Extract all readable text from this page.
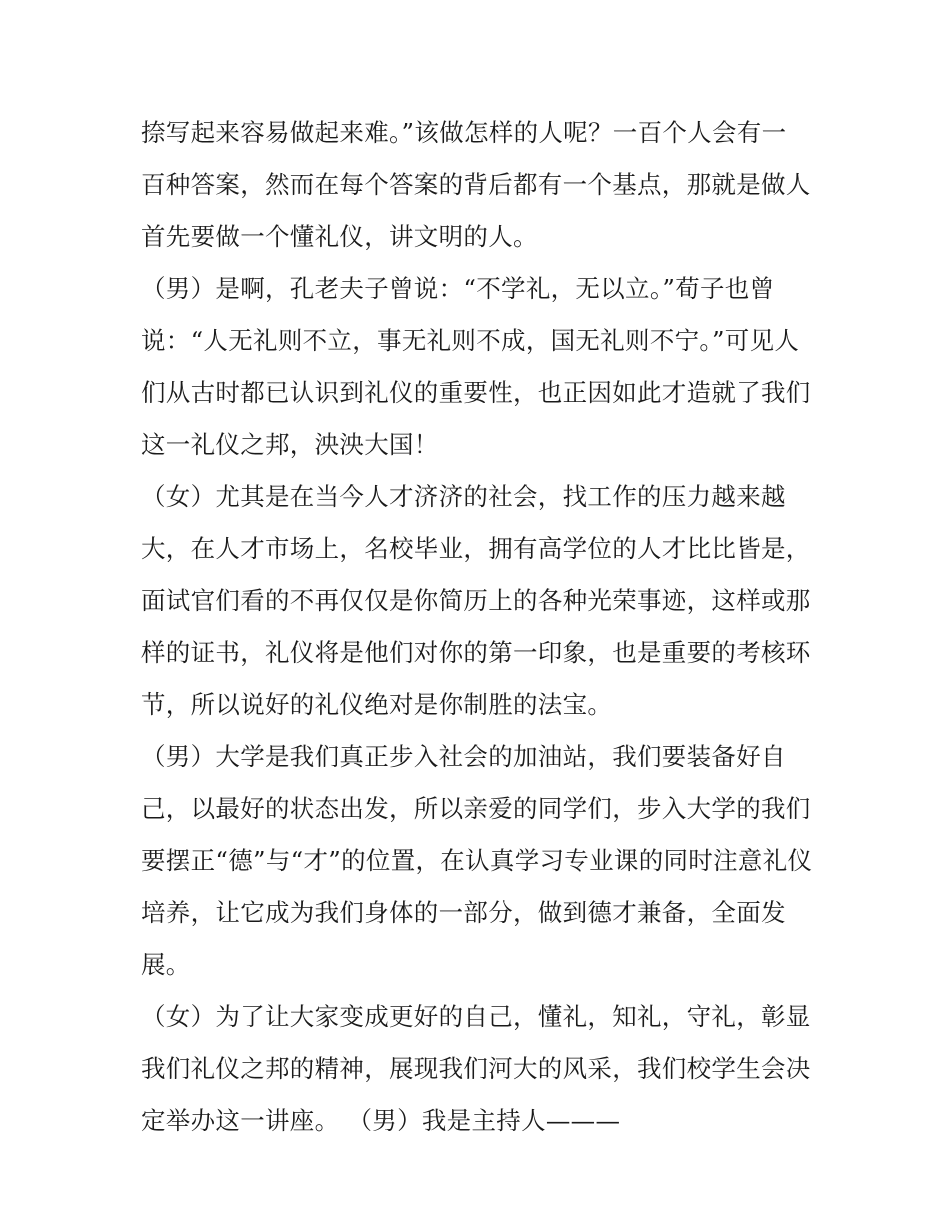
捺写起来容易做起来难。”该做怎样的人呢？一百个人会有一
百种答案，然而在每个答案的背后都有一个基点，那就是做人
首先要做一个懂礼仪，讲文明的人。
（男）是啊，孔老夫子曾说：“不学礼，无以立。”荀子也曾
说：“人无礼则不立，事无礼则不成，国无礼则不宁。”可见人
们从古时都已认识到礼仪的重要性，也正因如此才造就了我们
这一礼仪之邦，泱泱大国！
（女）尤其是在当今人才济济的社会，找工作的压力越来越
大，在人才市场上，名校毕业，拥有高学位的人才比比皆是，
面试官们看的不再仅仅是你简历上的各种光荣事迹，这样或那
样的证书，礼仪将是他们对你的第一印象，也是重要的考核环
节，所以说好的礼仪绝对是你制胜的法宝。
（男）大学是我们真正步入社会的加油站，我们要装备好自
己，以最好的状态出发，所以亲爱的同学们，步入大学的我们
要摆正“德”与“才”的位置，在认真学习专业课的同时注意礼仪
培养，让它成为我们身体的一部分，做到德才兼备，全面发
展。
（女）为了让大家变成更好的自己，懂礼，知礼，守礼，彰显
我们礼仪之邦的精神，展现我们河大的风采，我们校学生会决
定举办这一讲座。 （男）我是主持人———
